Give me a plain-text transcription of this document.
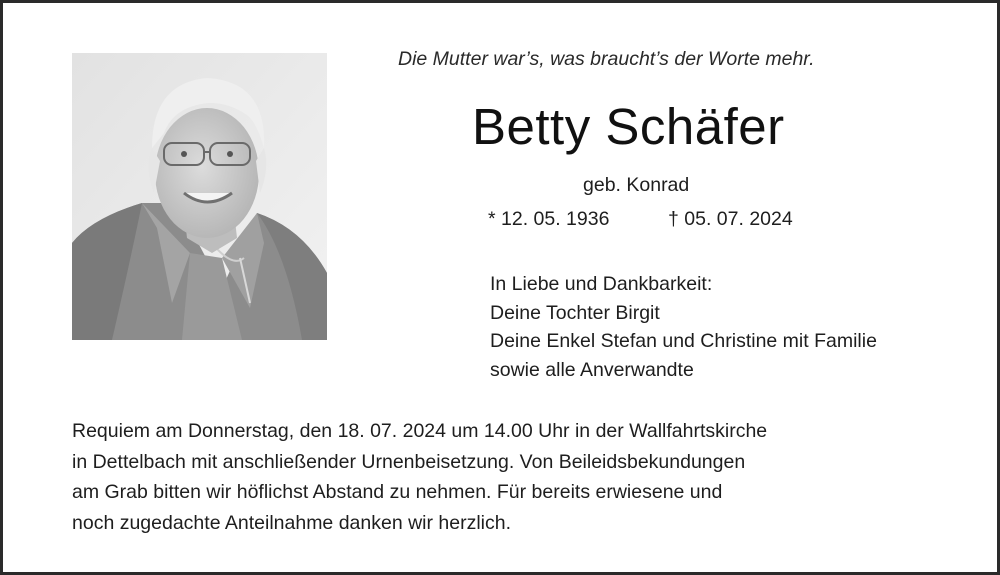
Die Mutter war’s, was braucht’s der Worte mehr.
Betty Schäfer
geb. Konrad
* 12. 05. 1936	† 05. 07. 2024
In Liebe und Dankbarkeit:
Deine Tochter Birgit
Deine Enkel Stefan und Christine mit Familie
sowie alle Anverwandte
Requiem am Donnerstag, den 18. 07. 2024 um 14.00 Uhr in der Wallfahrtskirche
in Dettelbach mit anschließender Urnenbeisetzung. Von Beileidsbekundungen
am Grab bitten wir höflichst Abstand zu nehmen. Für bereits erwiesene und
noch zugedachte Anteilnahme danken wir herzlich.
